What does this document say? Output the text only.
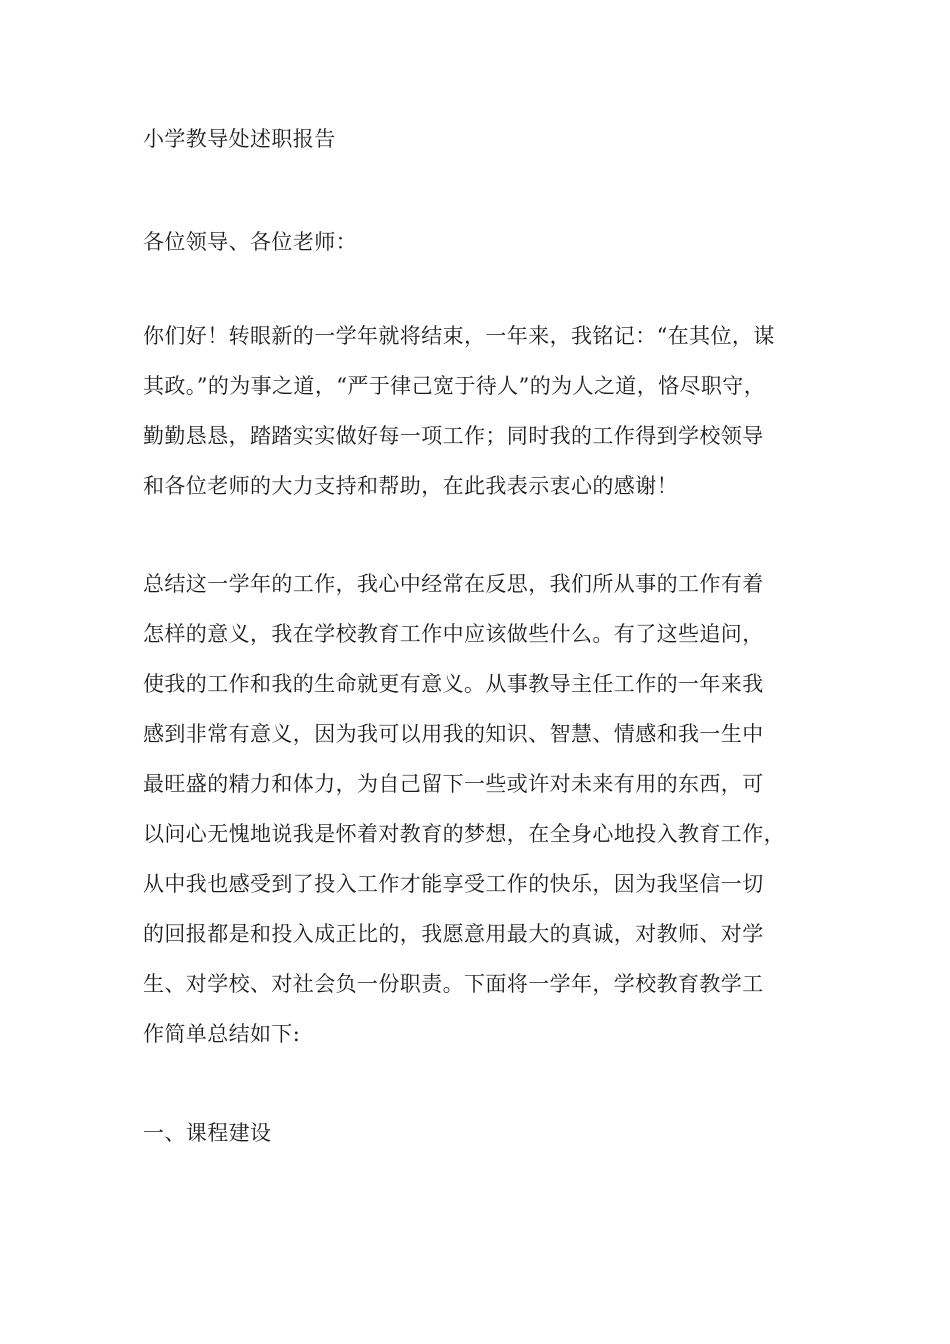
小学教导处述职报告
各位领导、各位老师：
你们好！转眼新的一学年就将结束，一年来，我铭记：“在其位，谋
其政。”的为事之道，“严于律己宽于待人”的为人之道，恪尽职守，
勤勤恳恳，踏踏实实做好每一项工作；同时我的工作得到学校领导
和各位老师的大力支持和帮助，在此我表示衷心的感谢！
总结这一学年的工作，我心中经常在反思，我们所从事的工作有着
怎样的意义，我在学校教育工作中应该做些什么。有了这些追问，
使我的工作和我的生命就更有意义。从事教导主任工作的一年来我
感到非常有意义，因为我可以用我的知识、智慧、情感和我一生中
最旺盛的精力和体力，为自己留下一些或许对未来有用的东西，可
以问心无愧地说我是怀着对教育的梦想，在全身心地投入教育工作，
从中我也感受到了投入工作才能享受工作的快乐，因为我坚信一切
的回报都是和投入成正比的，我愿意用最大的真诚，对教师、对学
生、对学校、对社会负一份职责。下面将一学年，学校教育教学工
作简单总结如下:
一、课程建设
